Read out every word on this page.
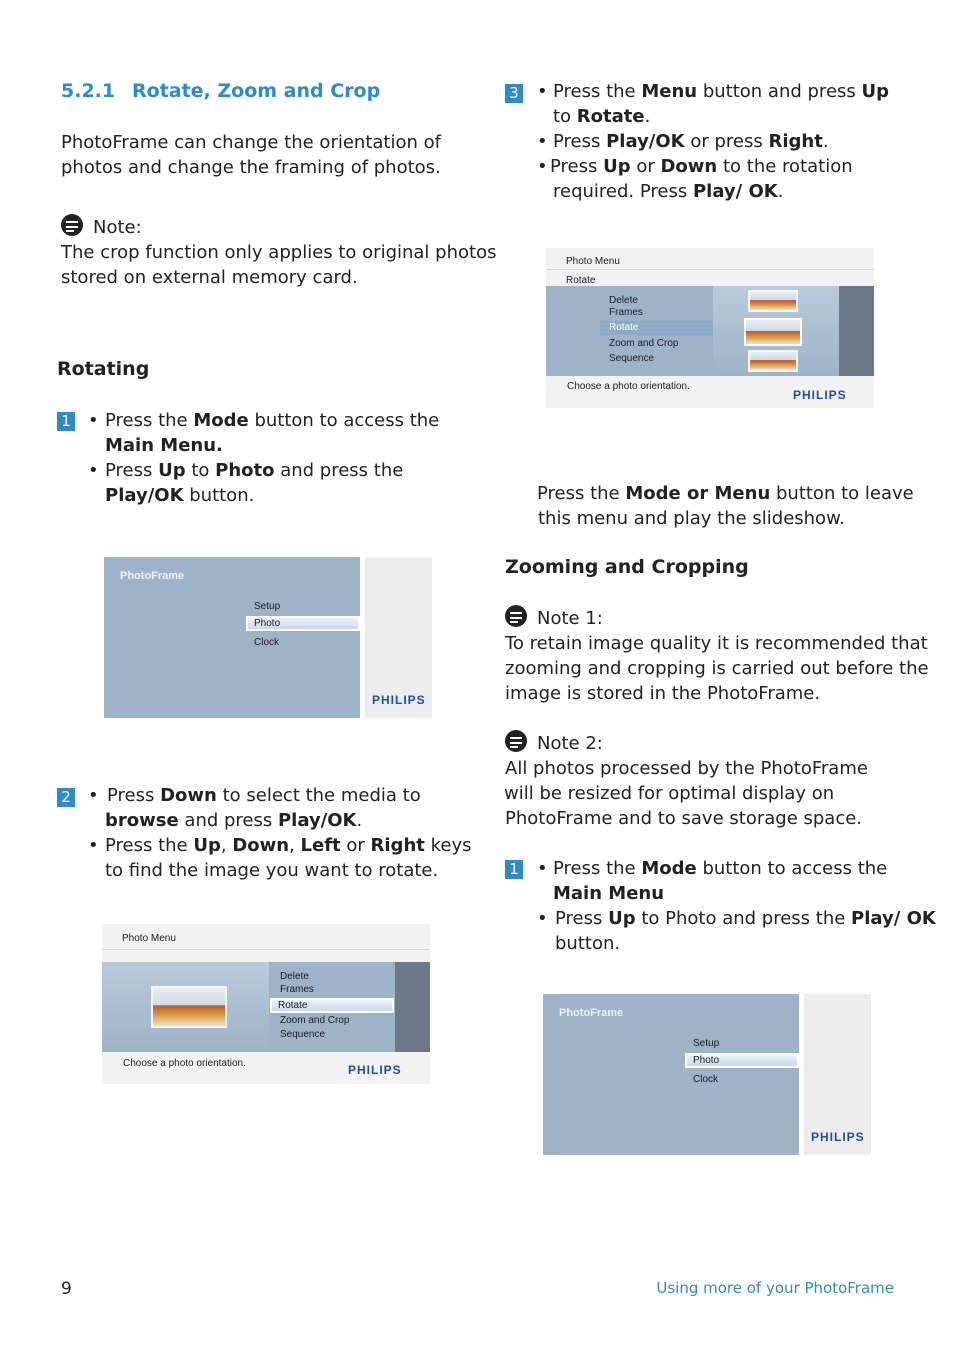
5.2.1 Rotate, Zoom and Crop
PhotoFrame can change the orientation of
photos and change the framing of photos.
Note:
The crop function only applies to original photos
stored on external memory card.
Rotating
1 • Press the Mode button to access the
Main Menu.
• Press Up to Photo and press the
Play/OK button.
PhotoFrame
Setup
Photo
Clock
PHILIPS
2 • Press Down to select the media to
browse and press Play/OK.
• Press the Up, Down, Left or Right keys
to find the image you want to rotate.
Photo Menu
Delete
Frames
Rotate
Zoom and Crop
Sequence
Choose a photo orientation.	PHILIPS
3 • Press the Menu button and press Up
to Rotate.
• Press Play/OK or press Right.
• Press Up or Down to the rotation
required. Press Play/ OK.
Photo Menu
Rotate
Delete
Frames
Rotate
Zoom and Crop
Sequence
Choose a photo orientation.
PHILIPS
Press the Mode or Menu button to leave
this menu and play the slideshow.
Zooming and Cropping
Note 1:
To retain image quality it is recommended that
zooming and cropping is carried out before the
image is stored in the PhotoFrame.
Note 2:
All photos processed by the PhotoFrame
will be resized for optimal display on
PhotoFrame and to save storage space.
1 • Press the Mode button to access the
Main Menu
• Press Up to Photo and press the Play/ OK
button.
PhotoFrame
Setup
Photo
Clock
PHILIPS
9	Using more of your PhotoFrame
